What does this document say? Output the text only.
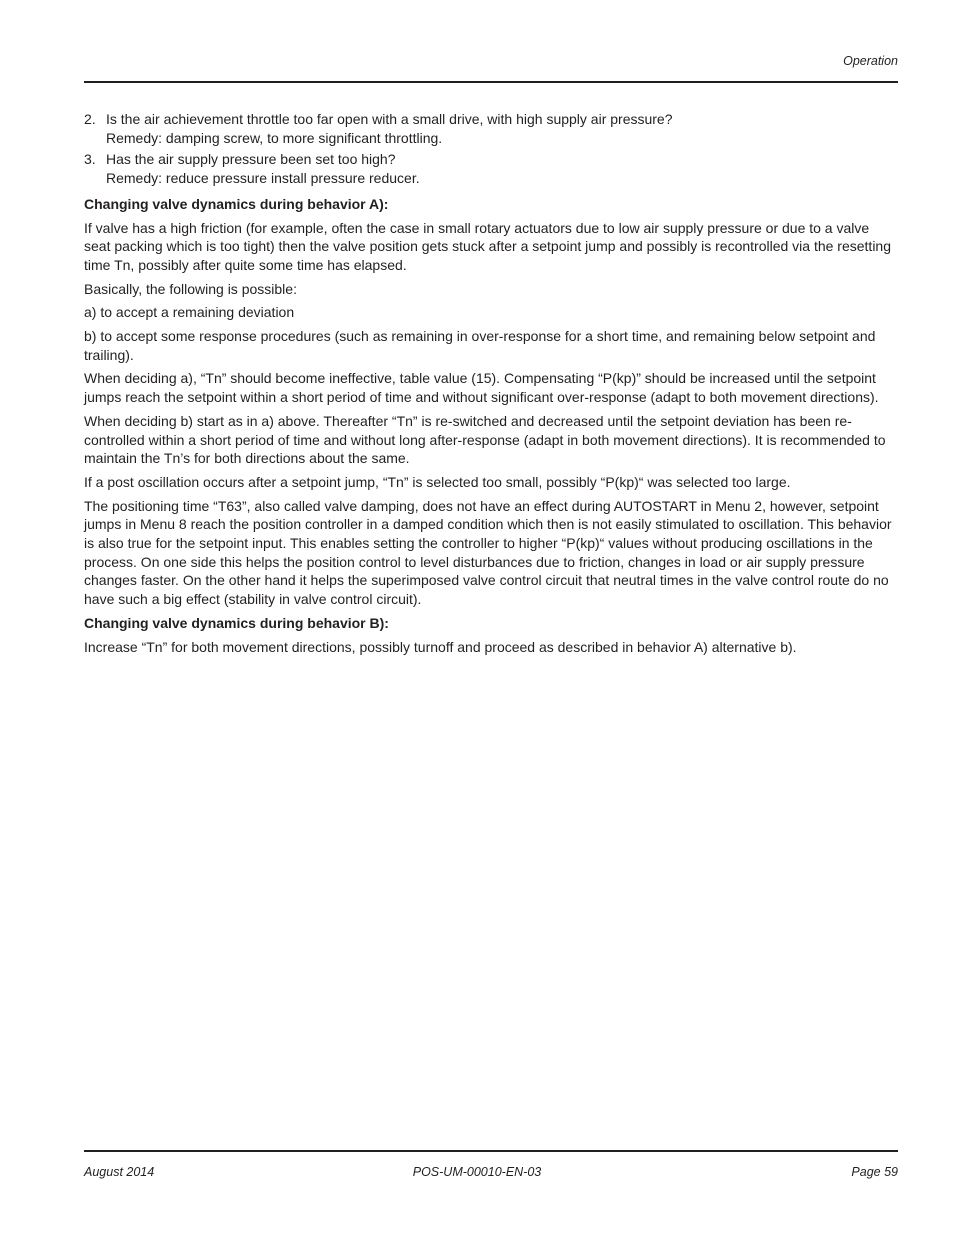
Operation
2. Is the air achievement throttle too far open with a small drive, with high supply air pressure?
Remedy: damping screw, to more significant throttling.
3. Has the air supply pressure been set too high?
Remedy: reduce pressure install pressure reducer.
Changing valve dynamics during behavior A):

If valve has a high friction (for example, often the case in small rotary actuators due to low air supply pressure or due to a valve seat packing which is too tight) then the valve position gets stuck after a setpoint jump and possibly is recontrolled via the resetting time Tn, possibly after quite some time has elapsed.

Basically, the following is possible:

a) to accept a remaining deviation

b) to accept some response procedures (such as remaining in over-response for a short time, and remaining below setpoint and trailing).

When deciding a), “Tn” should become ineffective, table value (15). Compensating “P(kp)” should be increased until the setpoint jumps reach the setpoint within a short period of time and without significant over-response (adapt to both movement directions).

When deciding b) start as in a) above. Thereafter “Tn” is re-switched and decreased until the setpoint deviation has been re-controlled within a short period of time and without long after-response (adapt in both movement directions). It is recommended to maintain the Tn’s for both directions about the same.

If a post oscillation occurs after a setpoint jump, “Tn” is selected too small, possibly “P(kp)“ was selected too large.

The positioning time “T63”, also called valve damping, does not have an effect during AUTOSTART in Menu 2, however, setpoint jumps in Menu 8 reach the position controller in a damped condition which then is not easily stimulated to oscillation. This behavior is also true for the setpoint input. This enables setting the controller to higher “P(kp)“ values without producing oscillations in the process. On one side this helps the position control to level disturbances due to friction, changes in load or air supply pressure changes faster. On the other hand it helps the superimposed valve control circuit that neutral times in the valve control route do no have such a big effect (stability in valve control circuit).

Changing valve dynamics during behavior B):

Increase “Tn” for both movement directions, possibly turnoff and proceed as described in behavior A) alternative b).

August 2014	POS-UM-00010-EN-03	Page 59
